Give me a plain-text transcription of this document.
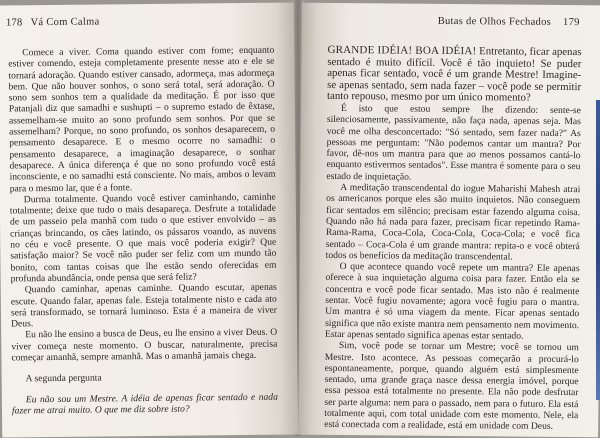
178 Vá Com Calma

Comece a viver. Coma quando estiver com fome; enquanto estiver comendo, esteja completamente presente nesse ato e ele se tornará adoração. Quando estiver cansado, adormeça, mas adormeça bem. Que não houver sonhos, o sono será total, será adoração. O sono sem sonhos tem a qualidade da meditação. É por isso que Patanjali diz que samadhi e sushupti – o supremo estado de êxtase, assemelham-se muito ao sono profundo sem sonhos. Por que se assemelham? Porque, no sono profundo, os sonhos desaparecem, o pensamento desaparece. E o mesmo ocorre no samadhi: o pensamento desaparece, a imaginação desaparece, o sonhar desaparece. A única diferença é que no sono profundo você está inconsciente, e no samadhi está consciente. No mais, ambos o levam para o mesmo lar, que é a fonte.

Durma totalmente. Quando você estiver caminhando, caminhe totalmente; deixe que tudo o mais desapareça. Desfrute a totalidade de um passeio pela manhã com tudo o que estiver envolvido – as crianças brincando, os cães latindo, os pássaros voando, as nuvens no céu e você presente. O que mais você poderia exigir? Que satisfação maior? Se você não puder ser feliz com um mundo tão bonito, com tantas coisas que lhe estão sendo oferecidas em profunda abundância, onde pensa que será feliz?

Quando caminhar, apenas caminhe. Quando escutar, apenas escute. Quando falar, apenas fale. Esteja totalmente nisto e cada ato será transformado, se tornará luminoso. Esta é a maneira de viver Deus.

Eu não lhe ensino a busca de Deus, eu lhe ensino a viver Deus. O viver começa neste momento. O buscar, naturalmente, precisa começar amanhã, sempre amanhã. Mas o amanhã jamais chega.

A segunda pergunta

Eu não sou um Mestre. A idéia de apenas ficar sentado e nada fazer me atrai muito. O que me diz sobre isto?

Butas de Olhos Fechados 179

GRANDE IDÉIA! BOA IDÉIA! Entretanto, ficar apenas sentado é muito difícil. Você é tão inquieto! Se puder apenas ficar sentado, você é um grande Mestre! Imagine-se apenas sentado, sem nada fazer – você pode se permitir tanto repouso, mesmo por um único momento?

É isto que estou sempre lhe dizendo: sente-se silenciosamente, passivamente, não faça nada, apenas seja. Mas você me olha desconcertado: "Só sentado, sem fazer nada?" As pessoas me perguntam: "Não podemos cantar um mantra? Por favor, dê-nos um mantra para que ao menos possamos cantá-lo enquanto estivermos sentados". Esse mantra é somente para o seu estado de inquietação.

A meditação transcendental do iogue Maharishi Mahesh atrai os americanos porque eles são muito inquietos. Não conseguem ficar sentados em silêncio; precisam estar fazendo alguma coisa. Quando não há nada para fazer, precisam ficar repetindo Rama-Rama-Rama, Coca-Cola, Coca-Cola, Coca-Cola; e você fica sentado – Coca-Cola é um grande mantra: repita-o e você obterá todos os benefícios da meditação transcendental.

O que acontece quando você repete um mantra? Ele apenas oferece à sua inquietação alguma coisa para fazer. Então ela se concentra e você pode ficar sentado. Mas isto não é realmente sentar. Você fugiu novamente; agora você fugiu para o mantra. Um mantra é só uma viagem da mente. Ficar apenas sentado significa que não existe mantra nem pensamento nem movimento. Estar apenas sentado significa apenas estar sentado.

Sim, você pode se tornar um Mestre; você se tornou um Mestre. Isto acontece. As pessoas começarão a procurá-lo espontaneamente, porque, quando alguém está simplesmente sentado, uma grande graça nasce dessa energia imóvel, porque essa pessoa está totalmente no presente. Ela não pode desfrutar ser parte alguma: nem para o passado, nem para o futuro. Ela está totalmente aqui, com total unidade com este momento. Nele, ela está conectada com a realidade, está em unidade com Deus.
